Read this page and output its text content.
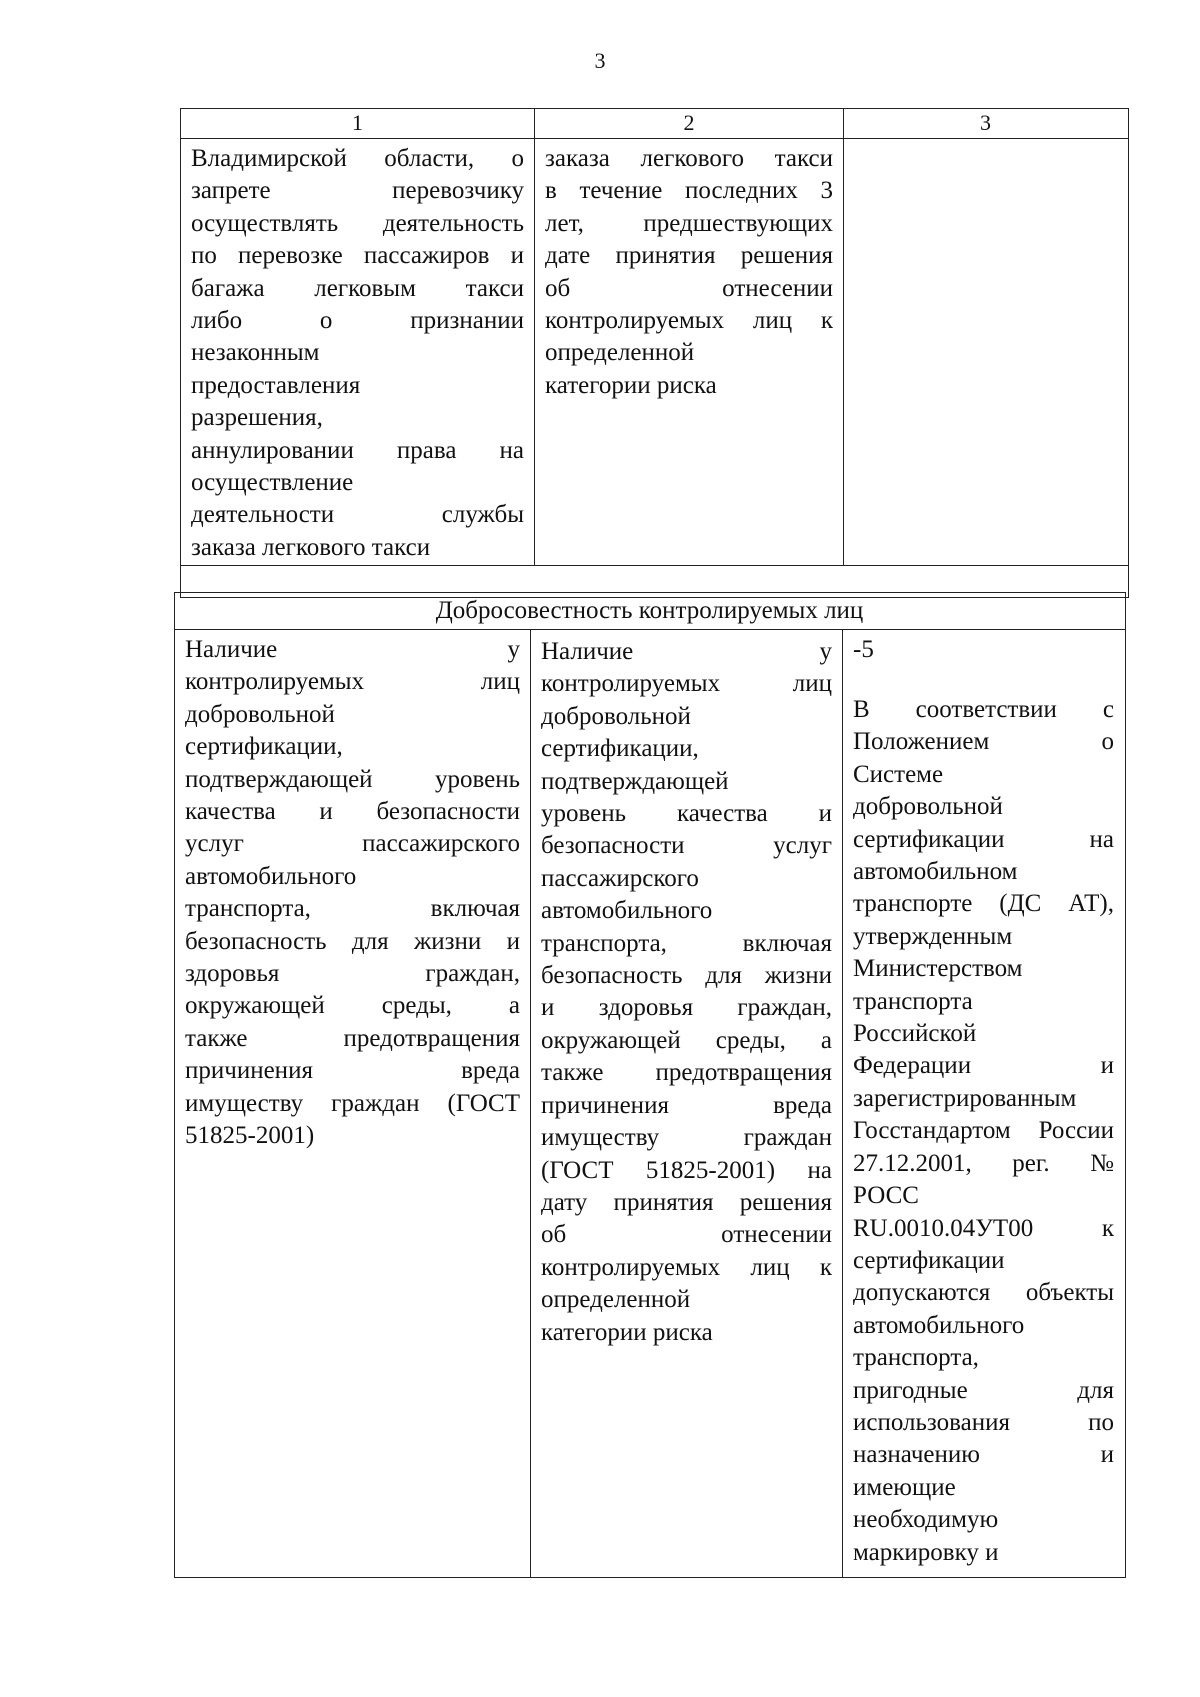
3
1	2	3
Владимирской области, о
запрете перевозчику
осуществлять деятельность
по перевозке пассажиров и
багажа легковым такси
либо о признании
незаконным
предоставления
разрешения,
аннулировании права на
осуществление
деятельности службы
заказа легкового такси
заказа легкового такси
в течение последних 3
лет, предшествующих
дате принятия решения
об отнесении
контролируемых лиц к
определенной
категории риска
Добросовестность контролируемых лиц
Наличие у
контролируемых лиц
добровольной
сертификации,
подтверждающей уровень
качества и безопасности
услуг пассажирского
автомобильного
транспорта, включая
безопасность для жизни и
здоровья граждан,
окружающей среды, а
также предотвращения
причинения вреда
имуществу граждан (ГОСТ
51825-2001)
Наличие у
контролируемых лиц
добровольной
сертификации,
подтверждающей
уровень качества и
безопасности услуг
пассажирского
автомобильного
транспорта, включая
безопасность для жизни
и здоровья граждан,
окружающей среды, а
также предотвращения
причинения вреда
имуществу граждан
(ГОСТ 51825-2001) на
дату принятия решения
об отнесении
контролируемых лиц к
определенной
категории риска
-5
В соответствии с
Положением о
Системе
добровольной
сертификации на
автомобильном
транспорте (ДС АТ),
утвержденным
Министерством
транспорта
Российской
Федерации и
зарегистрированным
Госстандартом России
27.12.2001, рег. №
РОСС
RU.0010.04УТ00 к
сертификации
допускаются объекты
автомобильного
транспорта,
пригодные для
использования по
назначению и
имеющие
необходимую
маркировку и
